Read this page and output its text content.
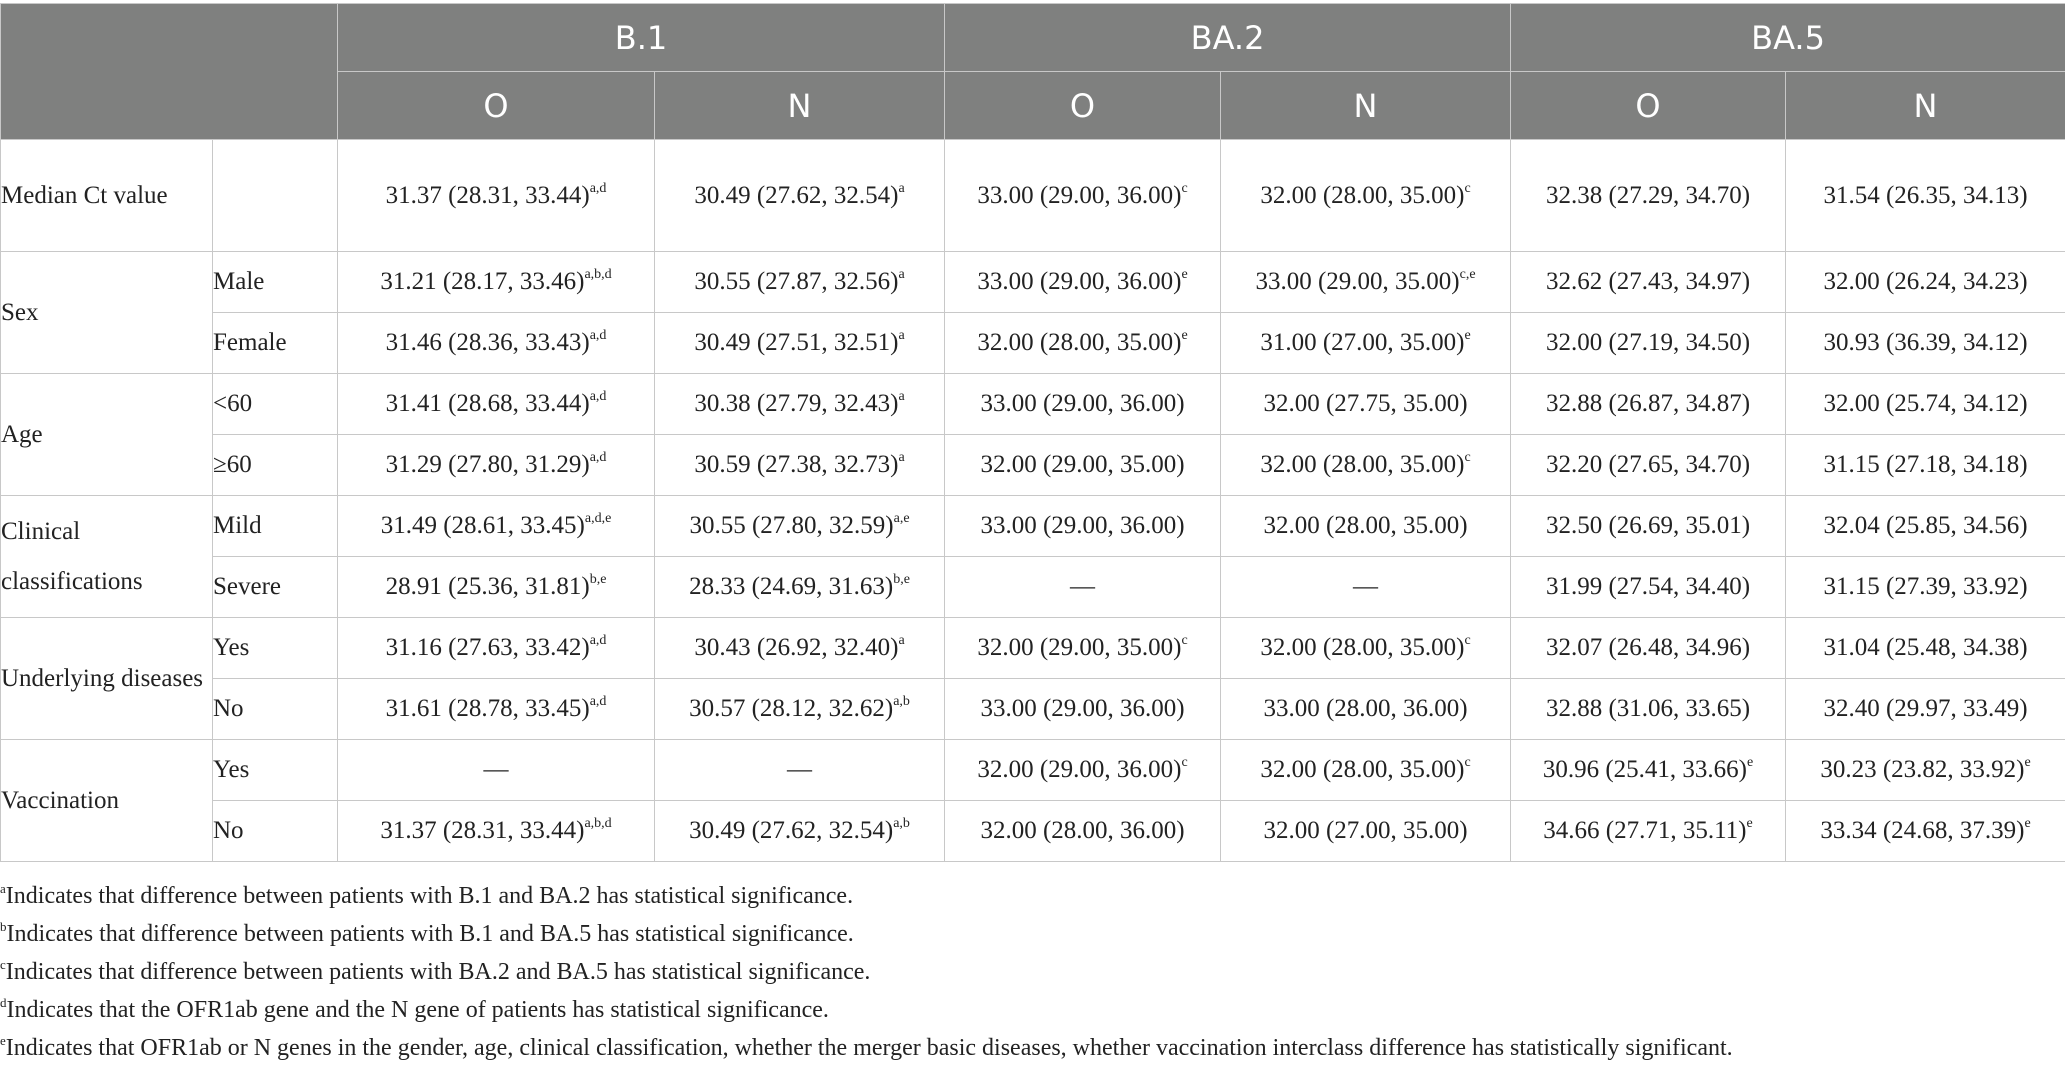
		B.1		BA.2		BA.5	
		O	N	O	N	O	N
Median Ct value		31.37 (28.31, 33.44)$^{a,d}$	30.49 (27.62, 32.54)$^a$	33.00 (29.00, 36.00)$^c$	32.00 (28.00, 35.00)$^c$	32.38 (27.29, 34.70)	31.54 (26.35, 34.13)
Sex	Male	31.21 (28.17, 33.46)$^{a,b,d}$	30.55 (27.87, 32.56)$^a$	33.00 (29.00, 36.00)$^e$	33.00 (29.00, 35.00)$^{c,e}$	32.62 (27.43, 34.97)	32.00 (26.24, 34.23)
	Female	31.46 (28.36, 33.43)$^{a,d}$	30.49 (27.51, 32.51)$^a$	32.00 (28.00, 35.00)$^e$	31.00 (27.00, 35.00)$^e$	32.00 (27.19, 34.50)	30.93 (36.39, 34.12)
Age	<60	31.41 (28.68, 33.44)$^{a,d}$	30.38 (27.79, 32.43)$^a$	33.00 (29.00, 36.00)	32.00 (27.75, 35.00)	32.88 (26.87, 34.87)	32.00 (25.74, 34.12)
	≥60	31.29 (27.80, 31.29)$^{a,d}$	30.59 (27.38, 32.73)$^a$	32.00 (29.00, 35.00)	32.00 (28.00, 35.00)$^c$	32.20 (27.65, 34.70)	31.15 (27.18, 34.18)
Clinical classifications	Mild	31.49 (28.61, 33.45)$^{a,d,e}$	30.55 (27.80, 32.59)$^{a,e}$	33.00 (29.00, 36.00)	32.00 (28.00, 35.00)	32.50 (26.69, 35.01)	32.04 (25.85, 34.56)
	Severe	28.91 (25.36, 31.81)$^{b,e}$	28.33 (24.69, 31.63)$^{b,e}$	—	—	31.99 (27.54, 34.40)	31.15 (27.39, 33.92)
Underlying diseases	Yes	31.16 (27.63, 33.42)$^{a,d}$	30.43 (26.92, 32.40)$^a$	32.00 (29.00, 35.00)$^c$	32.00 (28.00, 35.00)$^c$	32.07 (26.48, 34.96)	31.04 (25.48, 34.38)
	No	31.61 (28.78, 33.45)$^{a,d}$	30.57 (28.12, 32.62)$^{a,b}$	33.00 (29.00, 36.00)	33.00 (28.00, 36.00)	32.88 (31.06, 33.65)	32.40 (29.97, 33.49)
Vaccination	Yes	—	—	32.00 (29.00, 36.00)$^c$	32.00 (28.00, 35.00)$^c$	30.96 (25.41, 33.66)$^e$	30.23 (23.82, 33.92)$^e$
	No	31.37 (28.31, 33.44)$^{a,b,d}$	30.49 (27.62, 32.54)$^{a,b}$	32.00 (28.00, 36.00)	32.00 (27.00, 35.00)	34.66 (27.71, 35.11)$^e$	33.34 (24.68, 37.39)$^e$
$^a$Indicates that difference between patients with B.1 and BA.2 has statistical significance.
$^b$Indicates that difference between patients with B.1 and BA.5 has statistical significance.
$^c$Indicates that difference between patients with BA.2 and BA.5 has statistical significance.
$^d$Indicates that the OFR1ab gene and the N gene of patients has statistical significance.
$^e$Indicates that OFR1ab or N genes in the gender, age, clinical classification, whether the merger basic diseases, whether vaccination interclass difference has statistically significant.
